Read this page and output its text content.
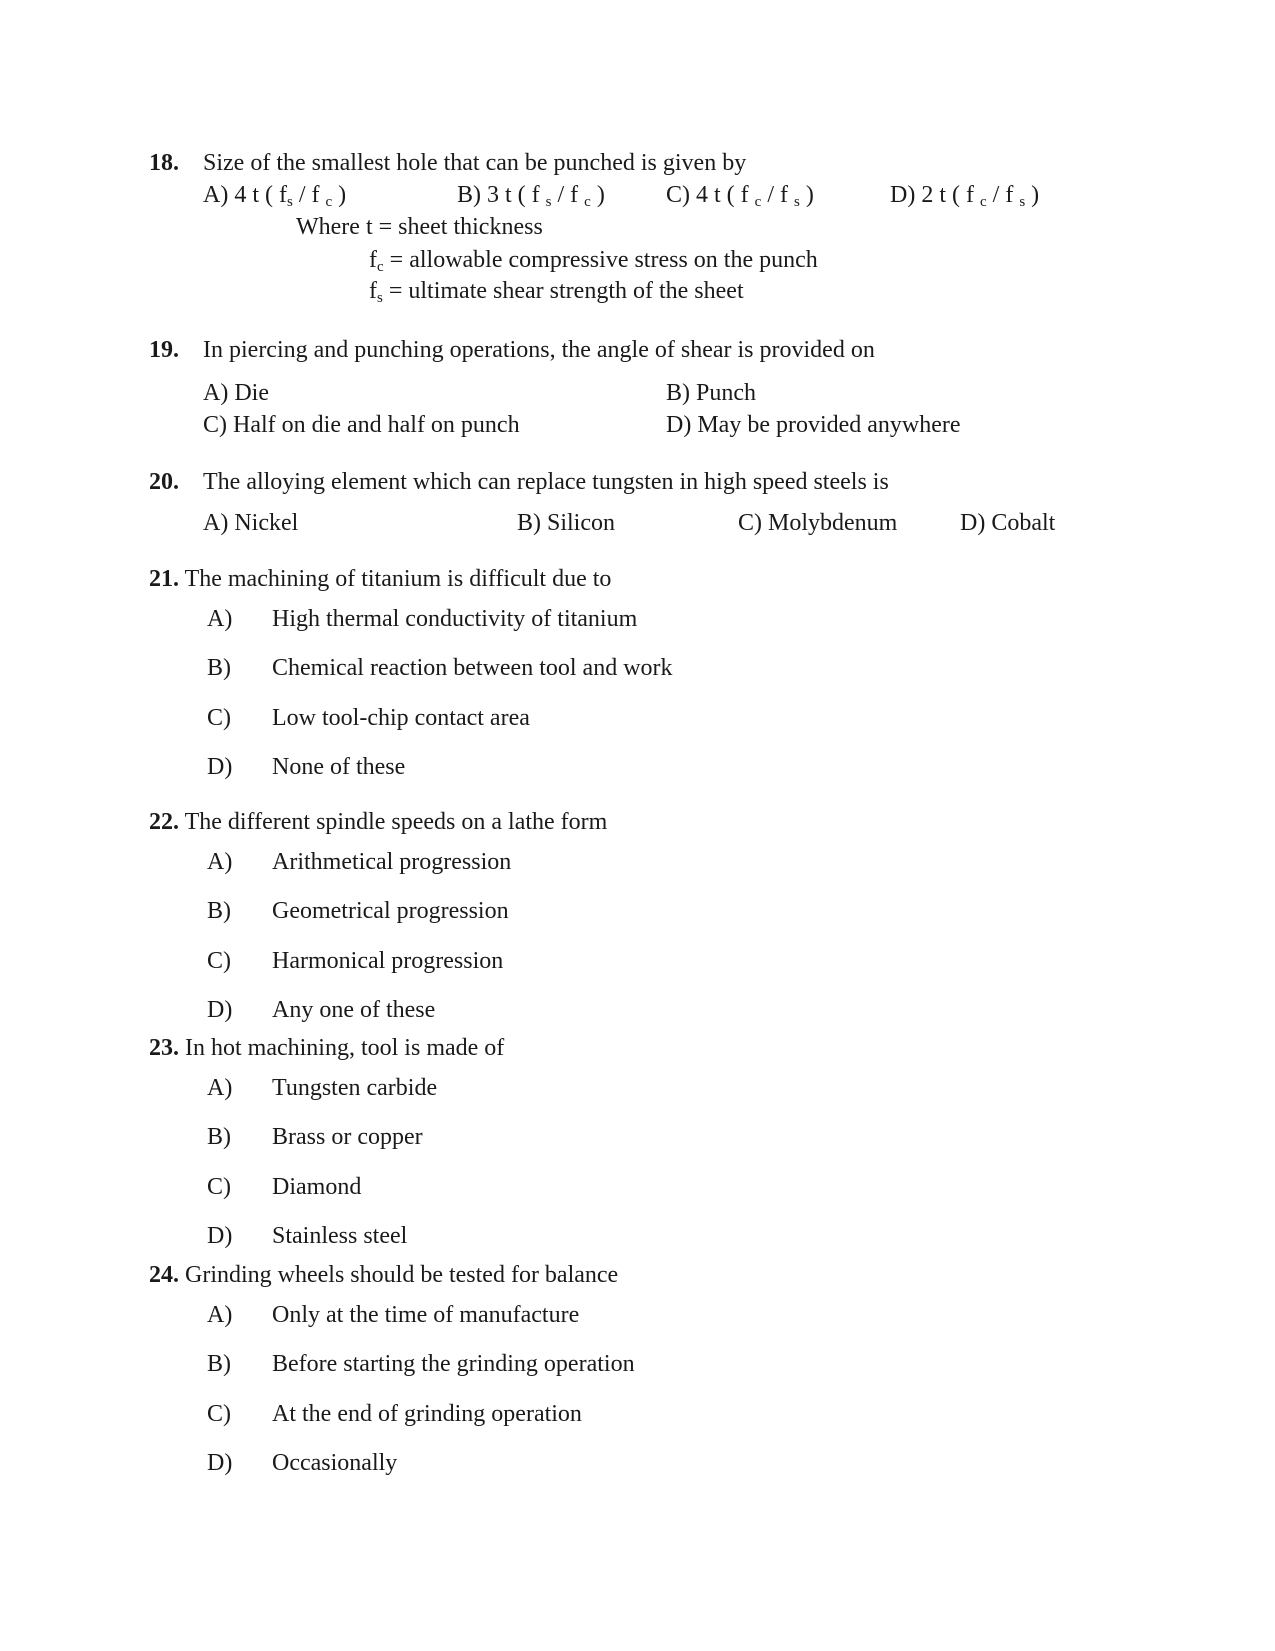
18. Size of the smallest hole that can be punched is given by
A) 4 t ( $f_s$ / f $_c$ )	B) 3 t ( f $_s$ / f $_c$ )	C) 4 t ( f $_c$ / f $_s$ )	D) 2 t ( f $_c$ / f $_s$ )
Where t = sheet thickness
$f_c$ = allowable compressive stress on the punch
$f_s$ = ultimate shear strength of the sheet
19. In piercing and punching operations, the angle of shear is provided on
A) Die	B) Punch
C) Half on die and half on punch	D) May be provided anywhere
20. The alloying element which can replace tungsten in high speed steels is
A) Nickel	B) Silicon	C) Molybdenum	D) Cobalt
21. The machining of titanium is difficult due to
A) High thermal conductivity of titanium
B) Chemical reaction between tool and work
C) Low tool-chip contact area
D) None of these
22. The different spindle speeds on a lathe form
A) Arithmetical progression
B) Geometrical progression
C) Harmonical progression
D) Any one of these
23. In hot machining, tool is made of
A) Tungsten carbide
B) Brass or copper
C) Diamond
D) Stainless steel
24. Grinding wheels should be tested for balance
A) Only at the time of manufacture
B) Before starting the grinding operation
C) At the end of grinding operation
D) Occasionally
